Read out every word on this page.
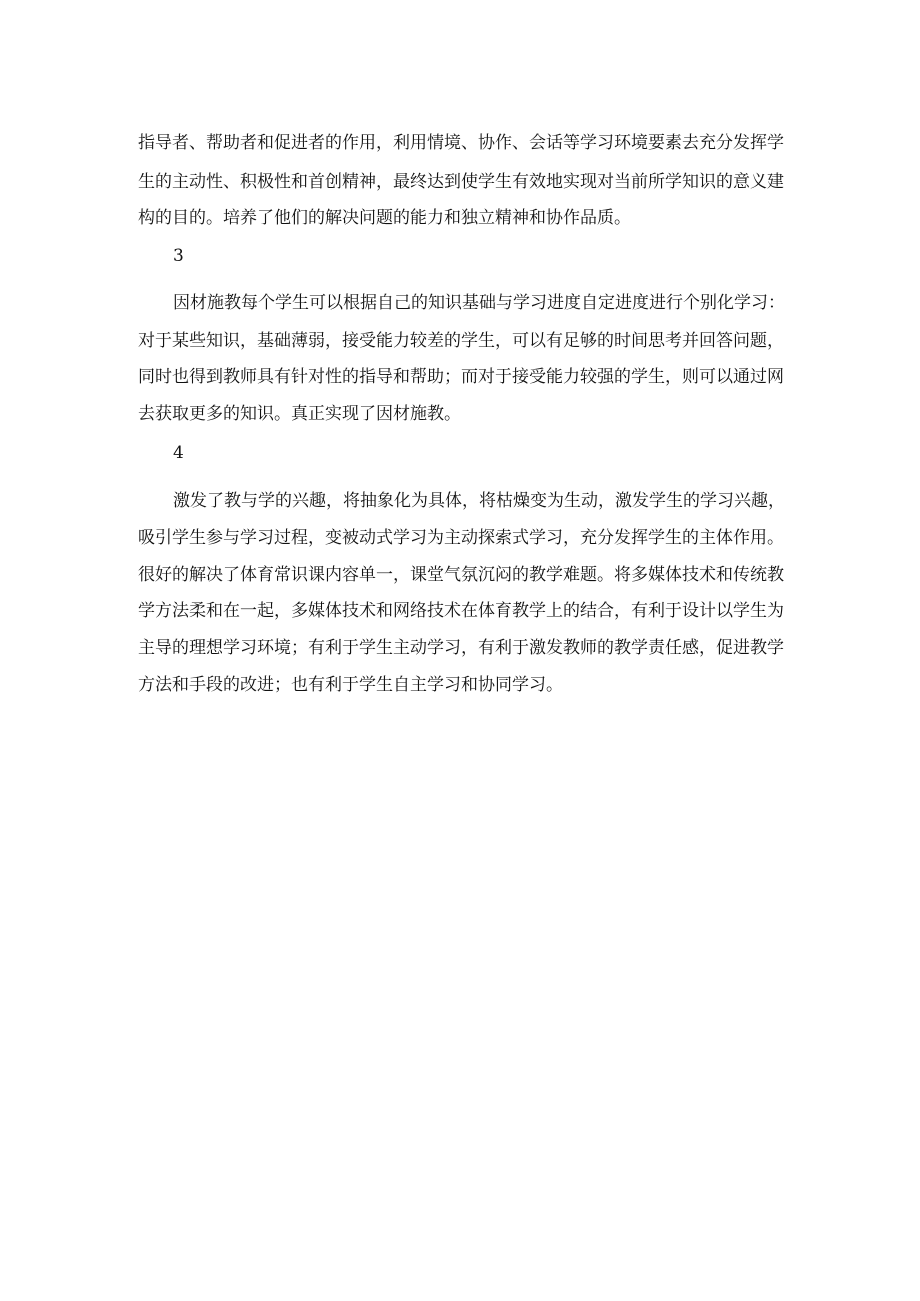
指导者、帮助者和促进者的作用，利用情境、协作、会话等学习环境要素去充分发挥学

生的主动性、积极性和首创精神，最终达到使学生有效地实现对当前所学知识的意义建

构的目的。培养了他们的解决问题的能力和独立精神和协作品质。

3

因材施教每个学生可以根据自己的知识基础与学习进度自定进度进行个别化学习：

对于某些知识，基础薄弱，接受能力较差的学生，可以有足够的时间思考并回答问题，

同时也得到教师具有针对性的指导和帮助；而对于接受能力较强的学生，则可以通过网

去获取更多的知识。真正实现了因材施教。

4

激发了教与学的兴趣，将抽象化为具体，将枯燥变为生动，激发学生的学习兴趣，

吸引学生参与学习过程，变被动式学习为主动探索式学习，充分发挥学生的主体作用。

很好的解决了体育常识课内容单一，课堂气氛沉闷的教学难题。将多媒体技术和传统教

学方法柔和在一起，多媒体技术和网络技术在体育教学上的结合，有利于设计以学生为

主导的理想学习环境；有利于学生主动学习，有利于激发教师的教学责任感，促进教学

方法和手段的改进；也有利于学生自主学习和协同学习。
